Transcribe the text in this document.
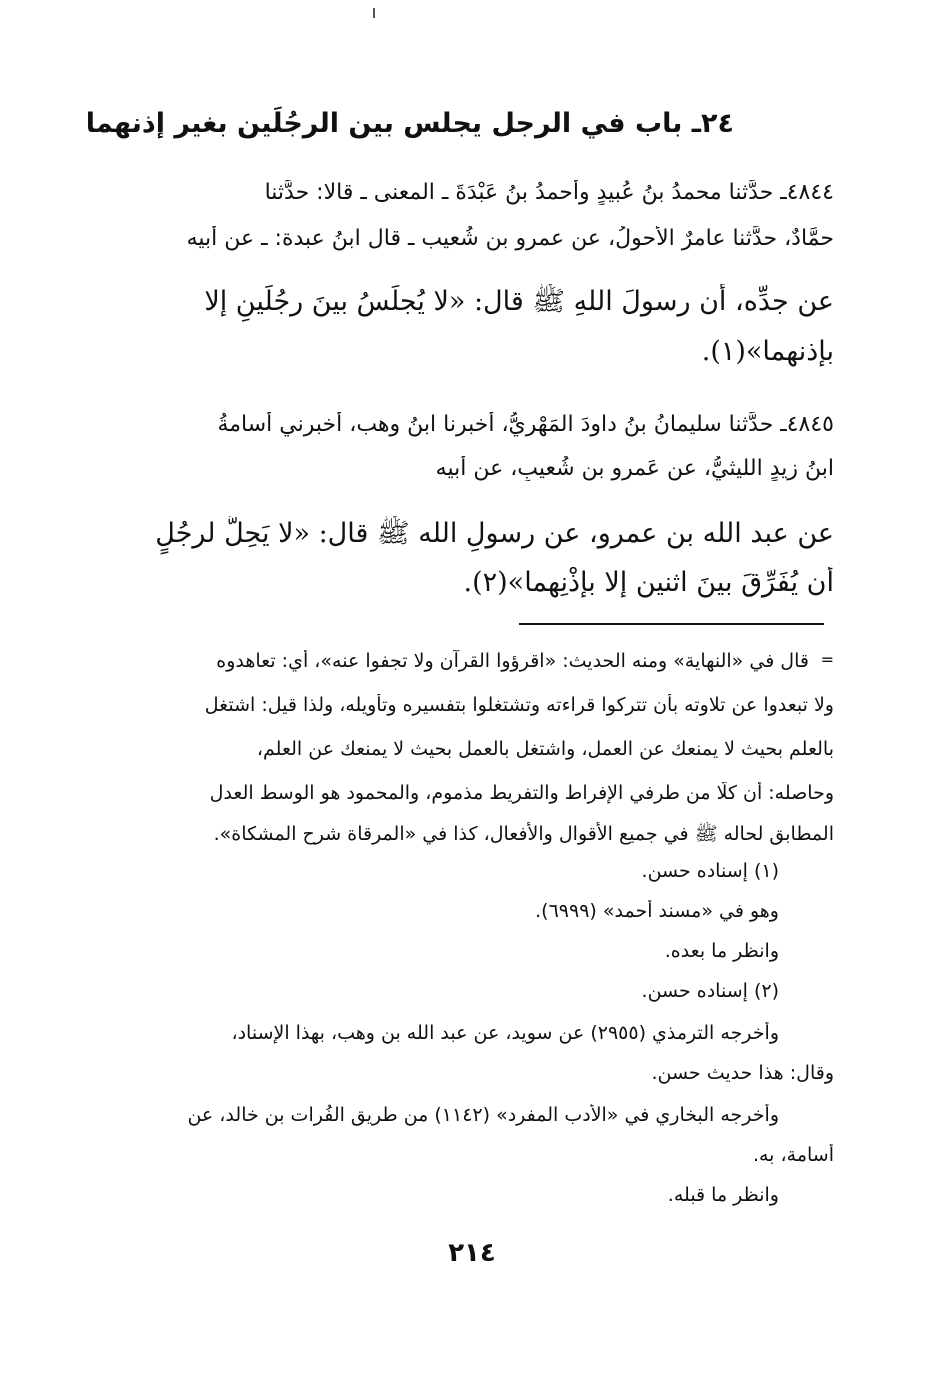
٢٤ـ باب في الرجل يجلس بين الرجُلَين بغير إذنهما
٤٨٤٤ـ حدَّثنا محمدُ بنُ عُبيدٍ وأحمدُ بنُ عَبْدَةَ ـ المعنى ـ قالا: حدَّثنا
حمَّادٌ، حدَّثنا عامرٌ الأحولُ، عن عمرو بنِ شُعيب ـ قال ابنُ عبدة: ـ عن أبيه
عن جدِّه، أن رسولَ اللهِ ﷺ قال: «لا يُجلَسُ بينَ رجُلَينِ إلا
بإذنهما»(١).
٤٨٤٥ـ حدَّثنا سليمانُ بنُ داودَ المَهْرِيُّ، أخبرنا ابنُ وهب، أخبرني أُسامةُ
ابنُ زيدٍ الليثيُّ، عن عَمرو بنِ شُعيبٍ، عن أبيه
عن عبد الله بن عمرو، عن رسولِ الله ﷺ قال: «لا يَحِلُّ لرجُلٍ
أن يُفَرِّقَ بينَ اثنينِ إلا بإذْنِهما»(٢).
=
قال في «النهاية» ومنه الحديث: «اقرؤوا القرآن ولا تجفوا عنه»، أي: تعاهدوه
ولا تبعدوا عن تلاوته بأن تتركوا قراءته وتشتغلوا بتفسيره وتأويله، ولذا قيل: اشتغل
بالعلم بحيث لا يمنعك عن العمل، واشتغل بالعمل بحيث لا يمنعك عن العلم،
وحاصله: أن كلًّا من طرفي الإفراط والتفريط مذموم، والمحمود هو الوسط العدل
المطابق لحاله ﷺ في جميع الأقوال والأفعال، كذا في «المرقاة شرح المشكاة».
(١) إسناده حسن.
وهو في «مسند أحمد» (٦٩٩٩).
وانظر ما بعده.
(٢) إسناده حسن.
وأخرجه الترمذي (٢٩٥٥) عن سويد، عن عبد الله بن وهب، بهذا الإسناد،
وقال: هذا حديث حسن.
وأخرجه البخاري في «الأدب المفرد» (١١٤٢) من طريق الفُرات بن خالد، عن
أسامة، به.
وانظر ما قبله.
٢١٤
